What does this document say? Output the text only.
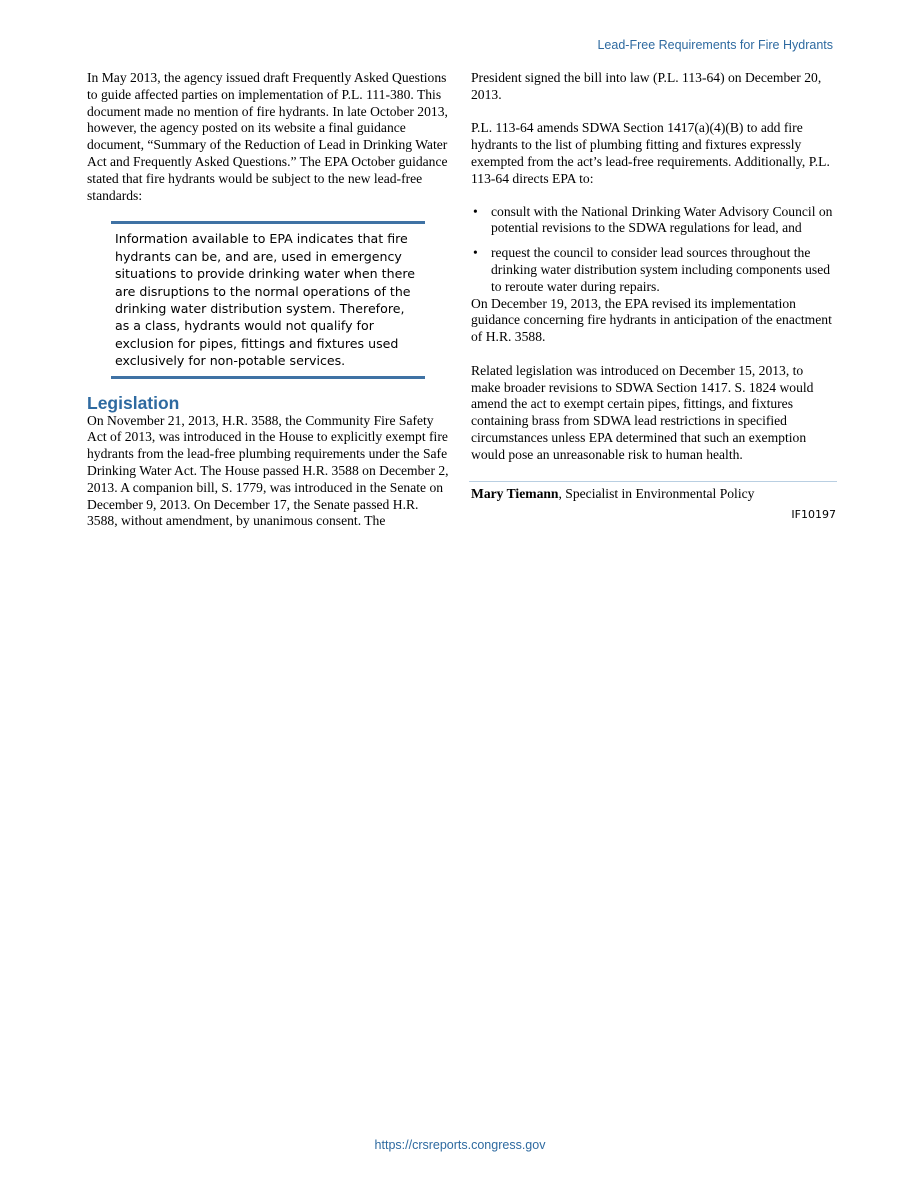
Lead-Free Requirements for Fire Hydrants

In May 2013, the agency issued draft Frequently Asked Questions to guide affected parties on implementation of P.L. 111-380. This document made no mention of fire hydrants. In late October 2013, however, the agency posted on its website a final guidance document, “Summary of the Reduction of Lead in Drinking Water Act and Frequently Asked Questions.” The EPA October guidance stated that fire hydrants would be subject to the new lead-free standards:

Information available to EPA indicates that fire hydrants can be, and are, used in emergency situations to provide drinking water when there are disruptions to the normal operations of the drinking water distribution system. Therefore, as a class, hydrants would not qualify for exclusion for pipes, fittings and fixtures used exclusively for non-potable services.
Legislation

On November 21, 2013, H.R. 3588, the Community Fire Safety Act of 2013, was introduced in the House to explicitly exempt fire hydrants from the lead-free plumbing requirements under the Safe Drinking Water Act. The House passed H.R. 3588 on December 2, 2013. A companion bill, S. 1779, was introduced in the Senate on December 9, 2013. On December 17, the Senate passed H.R. 3588, without amendment, by unanimous consent. The

President signed the bill into law (P.L. 113-64) on December 20, 2013.

P.L. 113-64 amends SDWA Section 1417(a)(4)(B) to add fire hydrants to the list of plumbing fitting and fixtures expressly exempted from the act’s lead-free requirements. Additionally, P.L. 113-64 directs EPA to:

• consult with the National Drinking Water Advisory Council on potential revisions to the SDWA regulations for lead, and
• request the council to consider lead sources throughout the drinking water distribution system including components used to reroute water during repairs.

On December 19, 2013, the EPA revised its implementation guidance concerning fire hydrants in anticipation of the enactment of H.R. 3588.

Related legislation was introduced on December 15, 2013, to make broader revisions to SDWA Section 1417. S. 1824 would amend the act to exempt certain pipes, fittings, and fixtures containing brass from SDWA lead restrictions in specified circumstances unless EPA determined that such an exemption would pose an unreasonable risk to human health.

Mary Tiemann, Specialist in Environmental Policy

IF10197
https://crsreports.congress.gov
